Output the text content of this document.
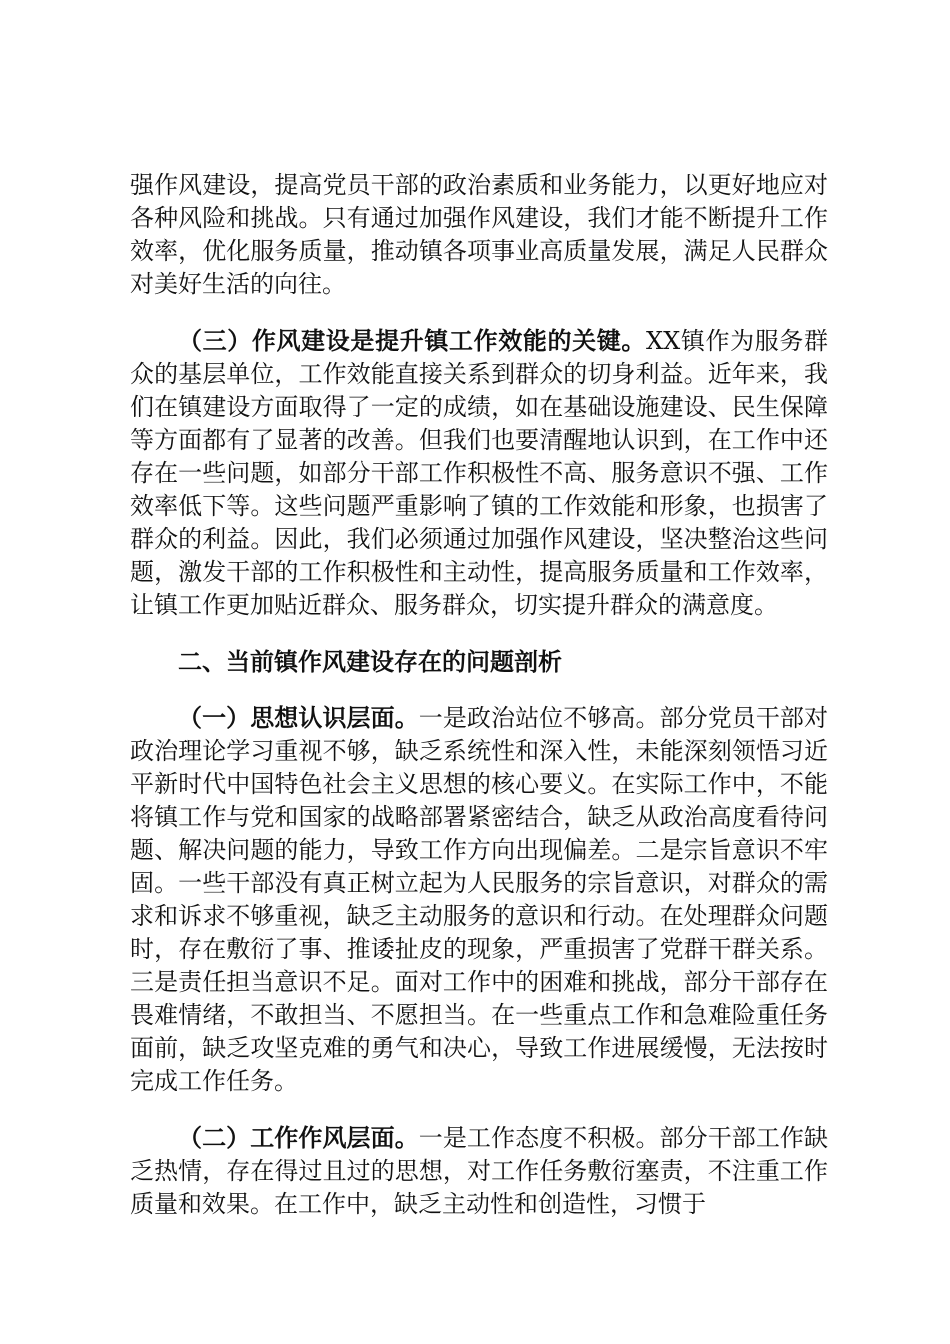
强作风建设，提高党员干部的政治素质和业务能力，以更好地应对各种风险和挑战。只有通过加强作风建设，我们才能不断提升工作效率，优化服务质量，推动镇各项事业高质量发展，满足人民群众对美好生活的向往。

（三）作风建设是提升镇工作效能的关键。XX镇作为服务群众的基层单位，工作效能直接关系到群众的切身利益。近年来，我们在镇建设方面取得了一定的成绩，如在基础设施建设、民生保障等方面都有了显著的改善。但我们也要清醒地认识到，在工作中还存在一些问题，如部分干部工作积极性不高、服务意识不强、工作效率低下等。这些问题严重影响了镇的工作效能和形象，也损害了群众的利益。因此，我们必须通过加强作风建设，坚决整治这些问题，激发干部的工作积极性和主动性，提高服务质量和工作效率，让镇工作更加贴近群众、服务群众，切实提升群众的满意度。

二、当前镇作风建设存在的问题剖析

（一）思想认识层面。一是政治站位不够高。部分党员干部对政治理论学习重视不够，缺乏系统性和深入性，未能深刻领悟习近平新时代中国特色社会主义思想的核心要义。在实际工作中，不能将镇工作与党和国家的战略部署紧密结合，缺乏从政治高度看待问题、解决问题的能力，导致工作方向出现偏差。二是宗旨意识不牢固。一些干部没有真正树立起为人民服务的宗旨意识，对群众的需求和诉求不够重视，缺乏主动服务的意识和行动。在处理群众问题时，存在敷衍了事、推诿扯皮的现象，严重损害了党群干群关系。三是责任担当意识不足。面对工作中的困难和挑战，部分干部存在畏难情绪，不敢担当、不愿担当。在一些重点工作和急难险重任务面前，缺乏攻坚克难的勇气和决心，导致工作进展缓慢，无法按时完成工作任务。

（二）工作作风层面。一是工作态度不积极。部分干部工作缺乏热情，存在得过且过的思想，对工作任务敷衍塞责，不注重工作质量和效果。在工作中，缺乏主动性和创造性，习惯于
